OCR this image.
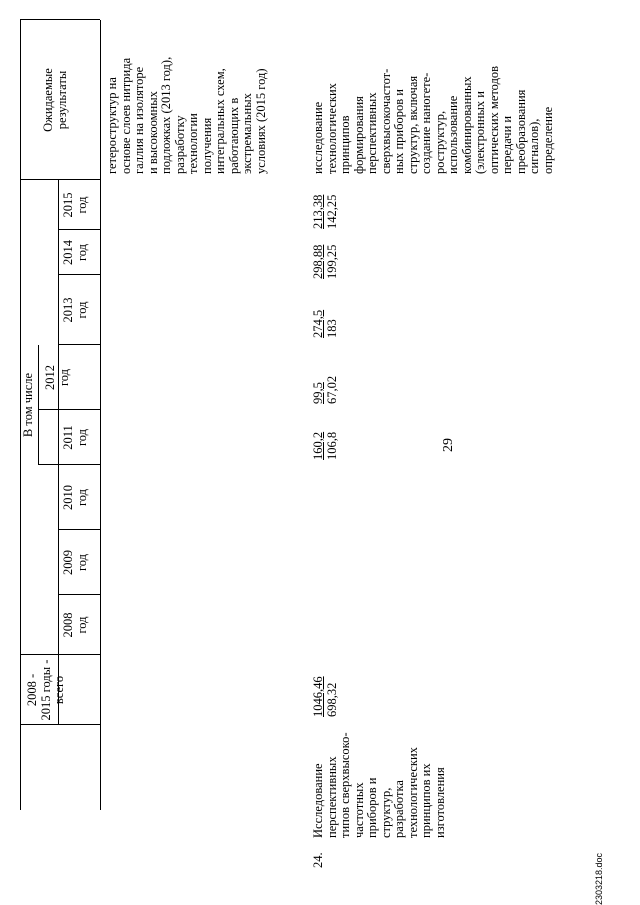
29
2303218.doc
2008 - 2015 годы - всего
В том числе
2008 год
2009 год
2010 год
2011 год
2012 год
2013 год
2014 год
2015 год
Ожидаемые результаты	гетероструктур на основе слоев нитрида галлия на изоляторе и высокоомных подложках (2013 год), разработку технологии получения интегральных схем, работающих в экстремальных условиях (2015 год)
24.
Исследование перспективных типов сверхвысоко- частотных приборов и структур, разработка технологических принципов их изготовления
1046,46 698,32
160,2 106,8
99,5 67,02
274,5 183
298,88 199,25
213,38 142,25
исследование технологических принципов формирования перспективных сверхвысокочастот- ных приборов и структур, включая создание наногете- роструктур, использование комбинированных (электронных и оптических методов передачи и преобразования сигналов), определение
